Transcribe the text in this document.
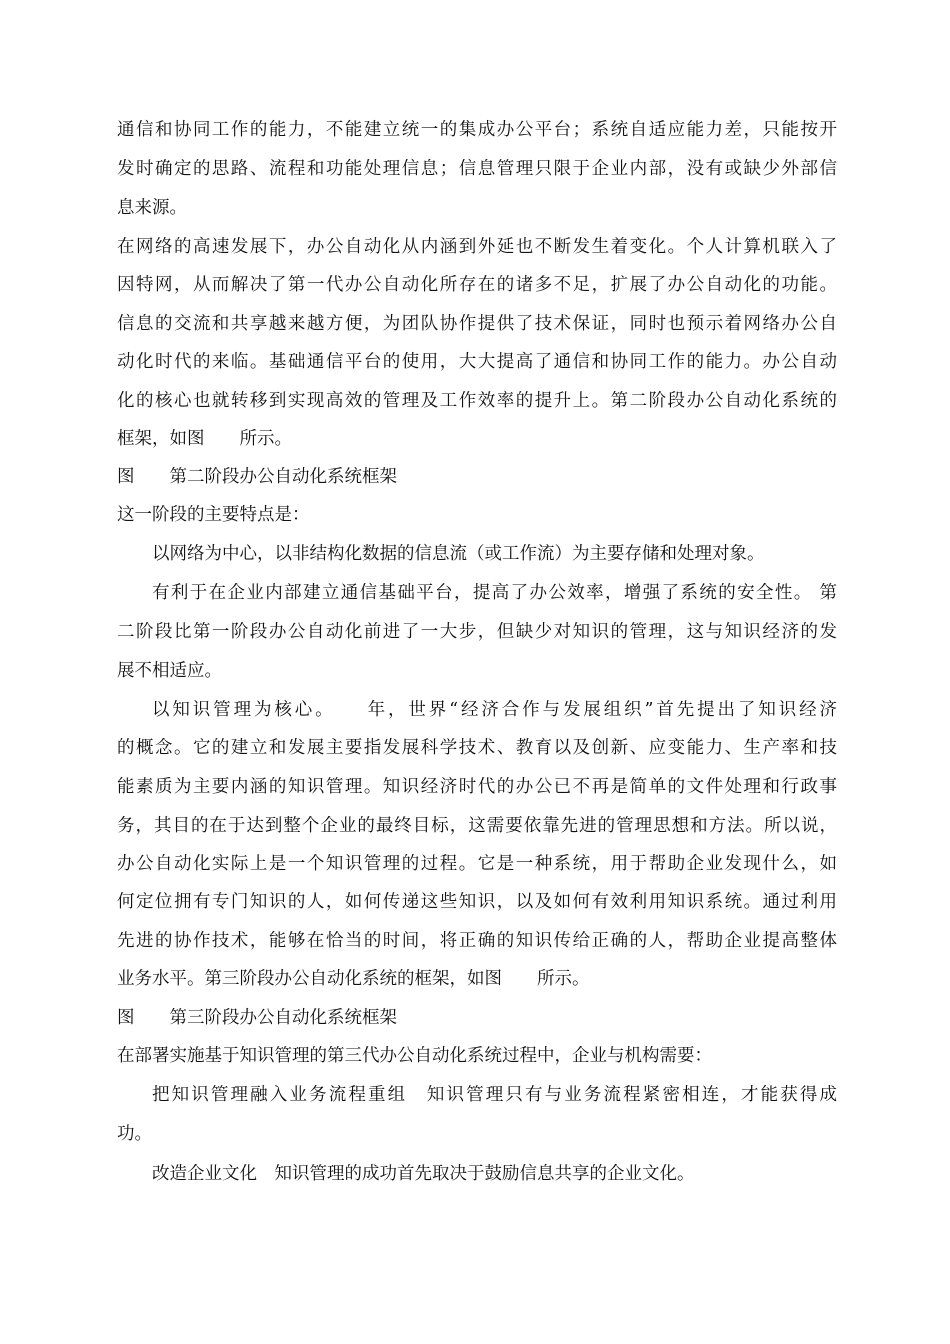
通信和协同工作的能力，不能建立统一的集成办公平台；系统自适应能力差，只能按开
发时确定的思路、流程和功能处理信息；信息管理只限于企业内部，没有或缺少外部信
息来源。
在网络的高速发展下，办公自动化从内涵到外延也不断发生着变化。个人计算机联入了
因特网，从而解决了第一代办公自动化所存在的诸多不足，扩展了办公自动化的功能。
信息的交流和共享越来越方便，为团队协作提供了技术保证，同时也预示着网络办公自
动化时代的来临。基础通信平台的使用，大大提高了通信和协同工作的能力。办公自动
化的核心也就转移到实现高效的管理及工作效率的提升上。第二阶段办公自动化系统的
框架，如图　　所示。
图　　第二阶段办公自动化系统框架
这一阶段的主要特点是：
以网络为中心，以非结构化数据的信息流（或工作流）为主要存储和处理对象。
有利于在企业内部建立通信基础平台，提高了办公效率，增强了系统的安全性。 第
二阶段比第一阶段办公自动化前进了一大步，但缺少对知识的管理，这与知识经济的发
展不相适应。
以知识管理为核心。　　年，世界“经济合作与发展组织”首先提出了知识经济
的概念。它的建立和发展主要指发展科学技术、教育以及创新、应变能力、生产率和技
能素质为主要内涵的知识管理。知识经济时代的办公已不再是简单的文件处理和行政事
务，其目的在于达到整个企业的最终目标，这需要依靠先进的管理思想和方法。所以说，
办公自动化实际上是一个知识管理的过程。它是一种系统，用于帮助企业发现什么，如
何定位拥有专门知识的人，如何传递这些知识，以及如何有效利用知识系统。通过利用
先进的协作技术，能够在恰当的时间，将正确的知识传给正确的人，帮助企业提高整体
业务水平。第三阶段办公自动化系统的框架，如图　　所示。
图　　第三阶段办公自动化系统框架
在部署实施基于知识管理的第三代办公自动化系统过程中，企业与机构需要：
把知识管理融入业务流程重组　知识管理只有与业务流程紧密相连，才能获得成
功。
改造企业文化　知识管理的成功首先取决于鼓励信息共享的企业文化。
